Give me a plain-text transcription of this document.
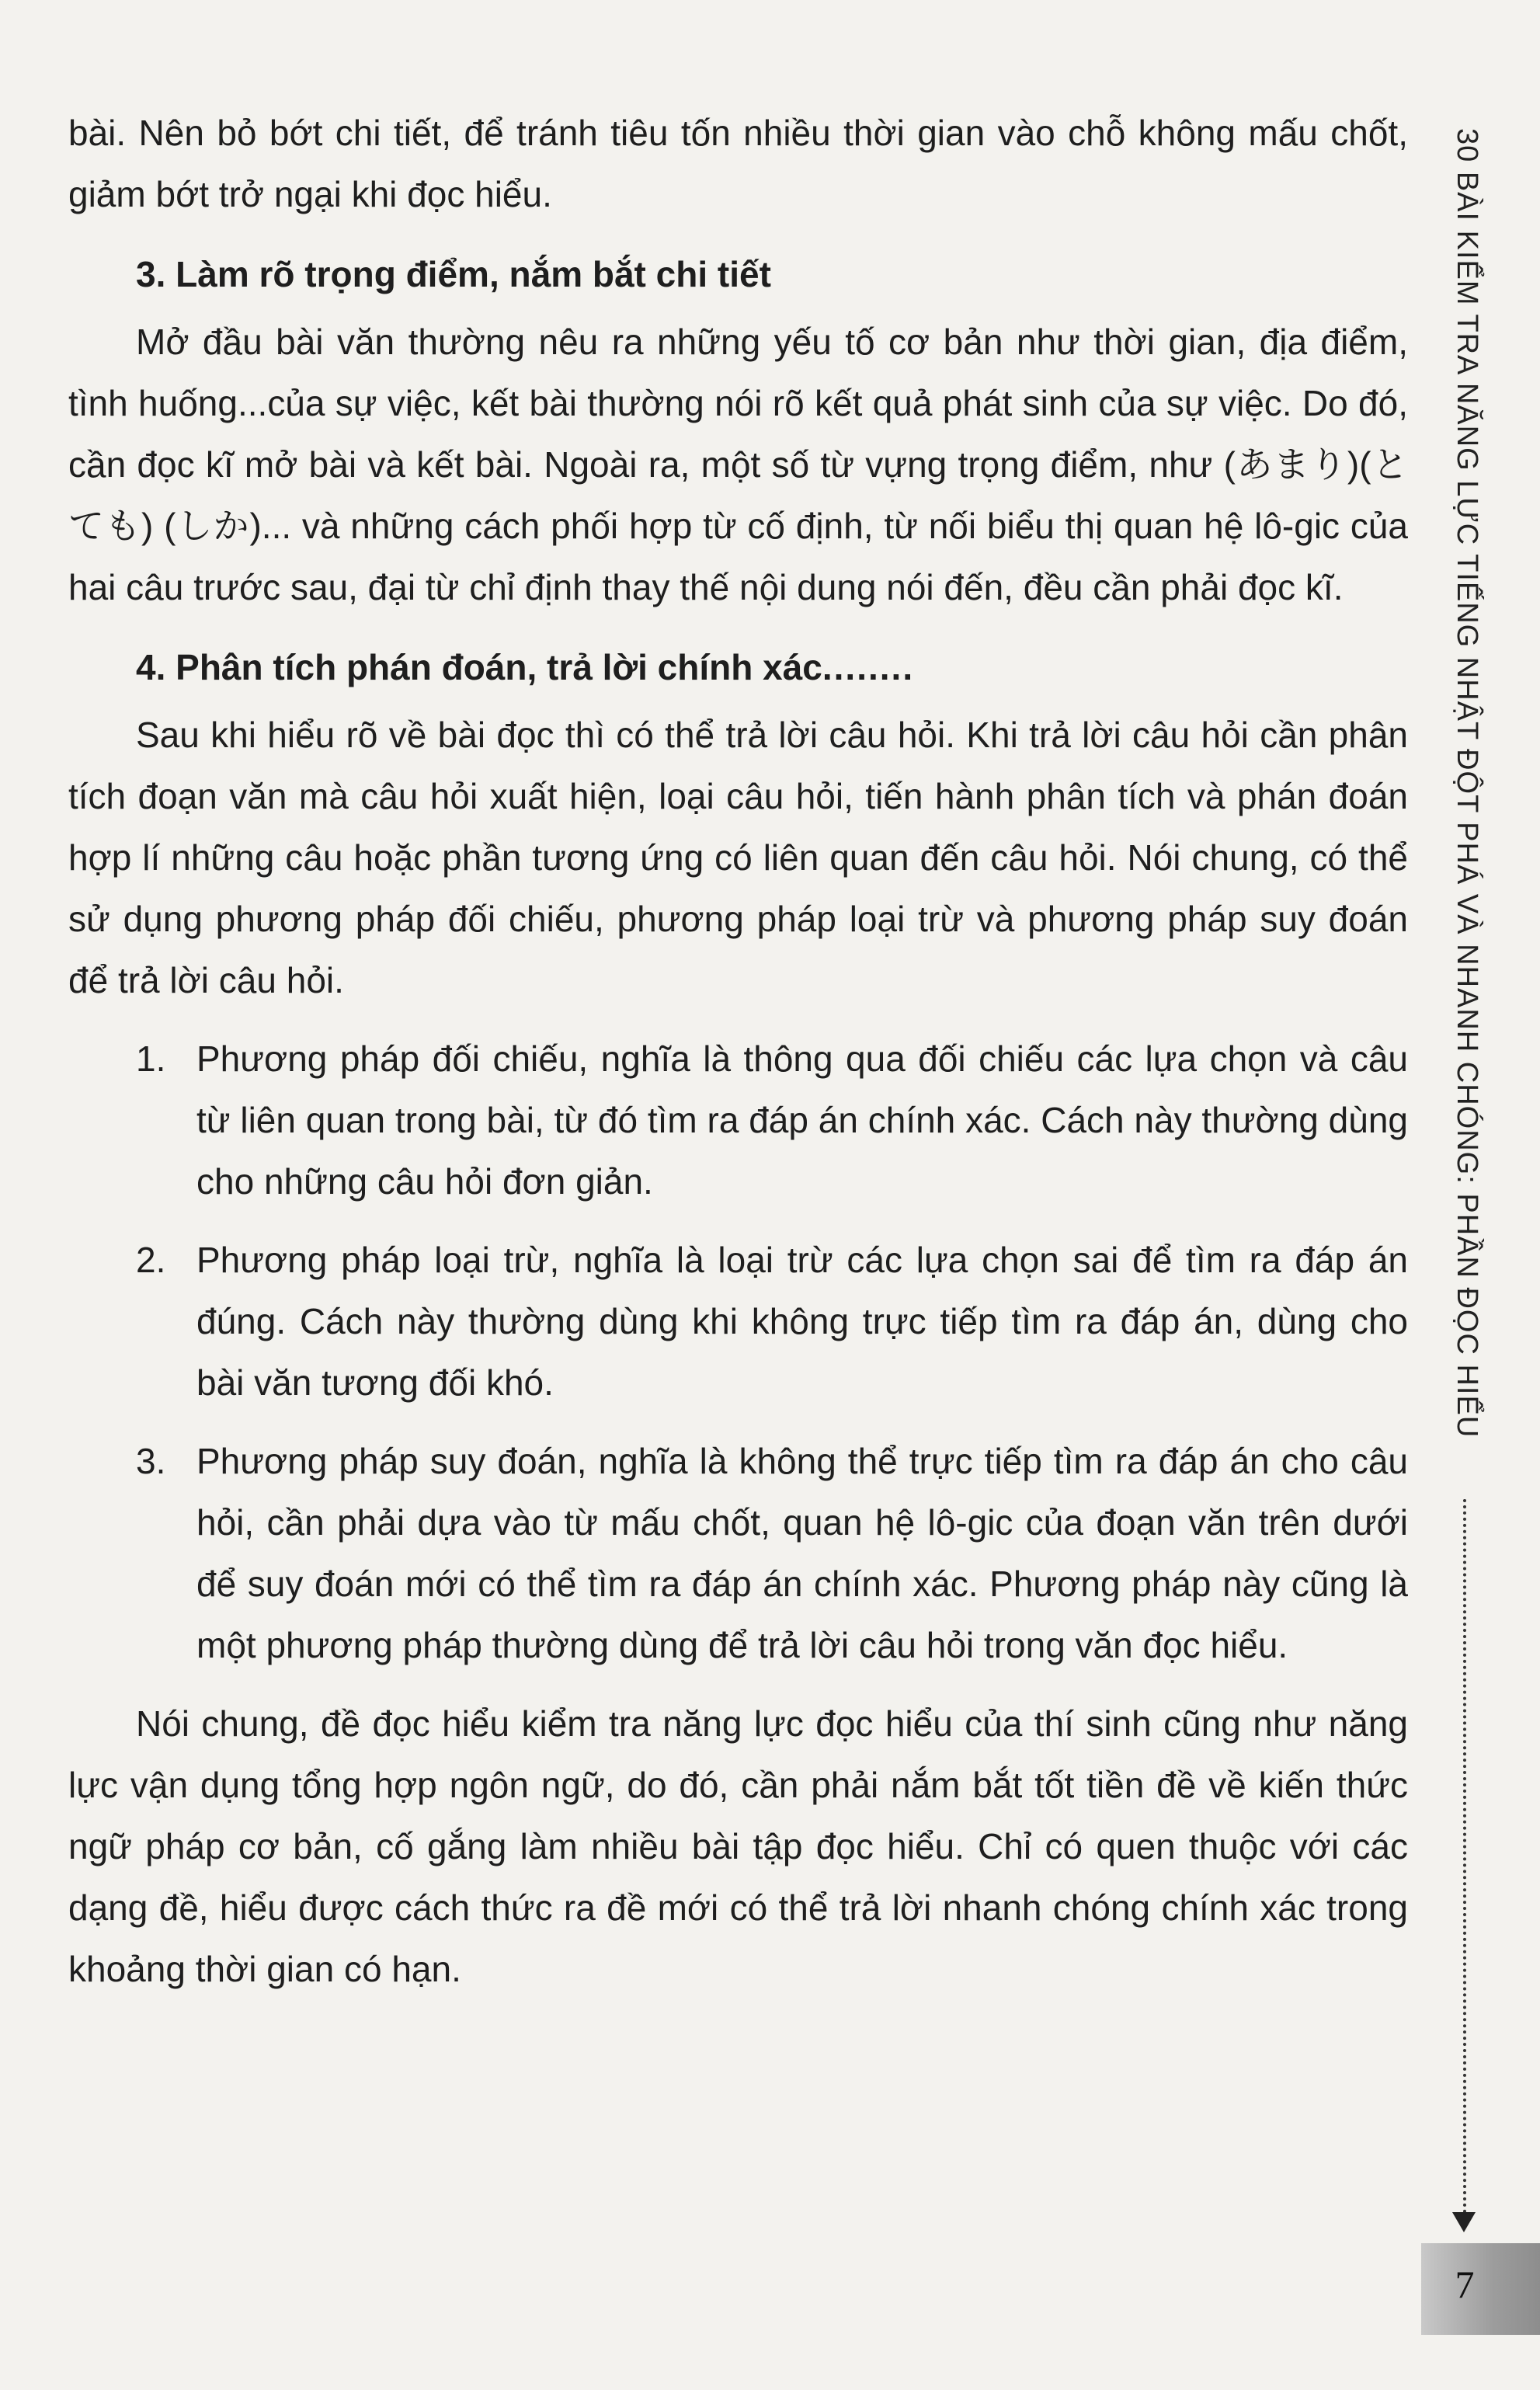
bài. Nên bỏ bớt chi tiết, để tránh tiêu tốn nhiều thời gian vào chỗ không mấu chốt, giảm bớt trở ngại khi đọc hiểu.

3. Làm rõ trọng điểm, nắm bắt chi tiết

Mở đầu bài văn thường nêu ra những yếu tố cơ bản như thời gian, địa điểm, tình huống...của sự việc, kết bài thường nói rõ kết quả phát sinh của sự việc. Do đó, cần đọc kĩ mở bài và kết bài. Ngoài ra, một số từ vựng trọng điểm, như (あまり)(とても) (しか)... và những cách phối hợp từ cố định, từ nối biểu thị quan hệ lô-gic của hai câu trước sau, đại từ chỉ định thay thế nội dung nói đến, đều cần phải đọc kĩ.

4. Phân tích phán đoán, trả lời chính xác........

Sau khi hiểu rõ về bài đọc thì có thể trả lời câu hỏi. Khi trả lời câu hỏi cần phân tích đoạn văn mà câu hỏi xuất hiện, loại câu hỏi, tiến hành phân tích và phán đoán hợp lí những câu hoặc phần tương ứng có liên quan đến câu hỏi. Nói chung, có thể sử dụng phương pháp đối chiếu, phương pháp loại trừ và phương pháp suy đoán để trả lời câu hỏi.

1. Phương pháp đối chiếu, nghĩa là thông qua đối chiếu các lựa chọn và câu từ liên quan trong bài, từ đó tìm ra đáp án chính xác. Cách này thường dùng cho những câu hỏi đơn giản.
2. Phương pháp loại trừ, nghĩa là loại trừ các lựa chọn sai để tìm ra đáp án đúng. Cách này thường dùng khi không trực tiếp tìm ra đáp án, dùng cho bài văn tương đối khó.
3. Phương pháp suy đoán, nghĩa là không thể trực tiếp tìm ra đáp án cho câu hỏi, cần phải dựa vào từ mấu chốt, quan hệ lô-gic của đoạn văn trên dưới để suy đoán mới có thể tìm ra đáp án chính xác. Phương pháp này cũng là một phương pháp thường dùng để trả lời câu hỏi trong văn đọc hiểu.

Nói chung, đề đọc hiểu kiểm tra năng lực đọc hiểu của thí sinh cũng như năng lực vận dụng tổng hợp ngôn ngữ, do đó, cần phải nắm bắt tốt tiền đề về kiến thức ngữ pháp cơ bản, cố gắng làm nhiều bài tập đọc hiểu. Chỉ có quen thuộc với các dạng đề, hiểu được cách thức ra đề mới có thể trả lời nhanh chóng chính xác trong khoảng thời gian có hạn.

30 BÀI KIỂM TRA NĂNG LỰC TIẾNG NHẬT ĐỘT PHÁ VÀ NHANH CHÓNG: PHẦN ĐỌC HIỂU
7
